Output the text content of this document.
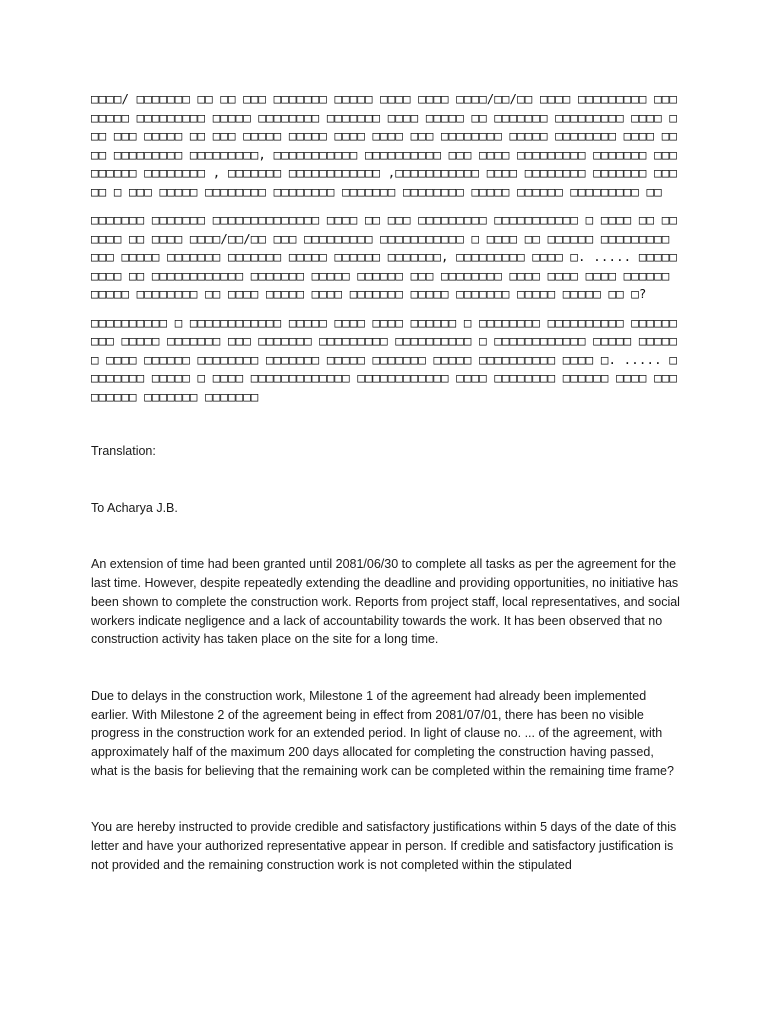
□□□□/ □□□□□□□ □□ □□ □□□ □□□□□□□ □□□□□ □□□□ □□□□ □□□□/□□/□□ □□□□ □□□□□□□□□ □□□□□□□□ □□□□□□□□□ □□□□□ □□□□□□□□ □□□□□□□ □□□□ □□□□□ □□ □□□□□□□ □□□□□□□□□ □□□□ □□□ □□□ □□□□□ □□ □□□ □□□□□ □□□□□ □□□□ □□□□ □□□ □□□□□□□□ □□□□□ □□□□□□□□ □□□□ □□□□ □□□□□□□□□ □□□□□□□□□, □□□□□□□□□□□ □□□□□□□□□□ □□□ □□□□ □□□□□□□□□ □□□□□□□ □□□□□□□□□ □□□□□□□□ , □□□□□□□ □□□□□□□□□□□□ ,□□□□□□□□□□□ □□□□ □□□□□□□□ □□□□□□□ □□□□□ □ □□□ □□□□□ □□□□□□□□ □□□□□□□□ □□□□□□□ □□□□□□□□ □□□□□ □□□□□□ □□□□□□□□□ □□

□□□□□□□ □□□□□□□ □□□□□□□□□□□□□□ □□□□ □□ □□□ □□□□□□□□□ □□□□□□□□□□□ □ □□□□ □□ □□□□□□ □□ □□□□ □□□□/□□/□□ □□□ □□□□□□□□□ □□□□□□□□□□□ □ □□□□ □□ □□□□□□ □□□□□□□□□ □□□ □□□□□ □□□□□□□ □□□□□□□ □□□□□ □□□□□□ □□□□□□□, □□□□□□□□□ □□□□ □. ..... □□□□□□□□□ □□ □□□□□□□□□□□□ □□□□□□□ □□□□□ □□□□□□ □□□ □□□□□□□□ □□□□ □□□□ □□□□ □□□□□□ □□□□□ □□□□□□□□ □□ □□□□ □□□□□ □□□□ □□□□□□□ □□□□□ □□□□□□□ □□□□□ □□□□□ □□ □?

□□□□□□□□□□ □ □□□□□□□□□□□□ □□□□□ □□□□ □□□□ □□□□□□ □ □□□□□□□□ □□□□□□□□□□ □□□□□□□□□ □□□□□ □□□□□□□ □□□ □□□□□□□ □□□□□□□□□ □□□□□□□□□□ □ □□□□□□□□□□□□ □□□□□ □□□□□□ □□□□ □□□□□□ □□□□□□□□ □□□□□□□ □□□□□ □□□□□□□ □□□□□ □□□□□□□□□□ □□□□ □. ..... □□□□□□□□ □□□□□ □ □□□□ □□□□□□□□□□□□□ □□□□□□□□□□□□ □□□□ □□□□□□□□ □□□□□□ □□□□ □□□□□□□□□ □□□□□□□ □□□□□□□

Translation:

To Acharya J.B.

An extension of time had been granted until 2081/06/30 to complete all tasks as per the agreement for the last time. However, despite repeatedly extending the deadline and providing opportunities, no initiative has been shown to complete the construction work. Reports from project staff, local representatives, and social workers indicate negligence and a lack of accountability towards the work. It has been observed that no construction activity has taken place on the site for a long time.

Due to delays in the construction work, Milestone 1 of the agreement had already been implemented earlier. With Milestone 2 of the agreement being in effect from 2081/07/01, there has been no visible progress in the construction work for an extended period. In light of clause no. ... of the agreement, with approximately half of the maximum 200 days allocated for completing the construction having passed, what is the basis for believing that the remaining work can be completed within the remaining time frame?

You are hereby instructed to provide credible and satisfactory justifications within 5 days of the date of this letter and have your authorized representative appear in person. If credible and satisfactory justification is not provided and the remaining construction work is not completed within the stipulated
